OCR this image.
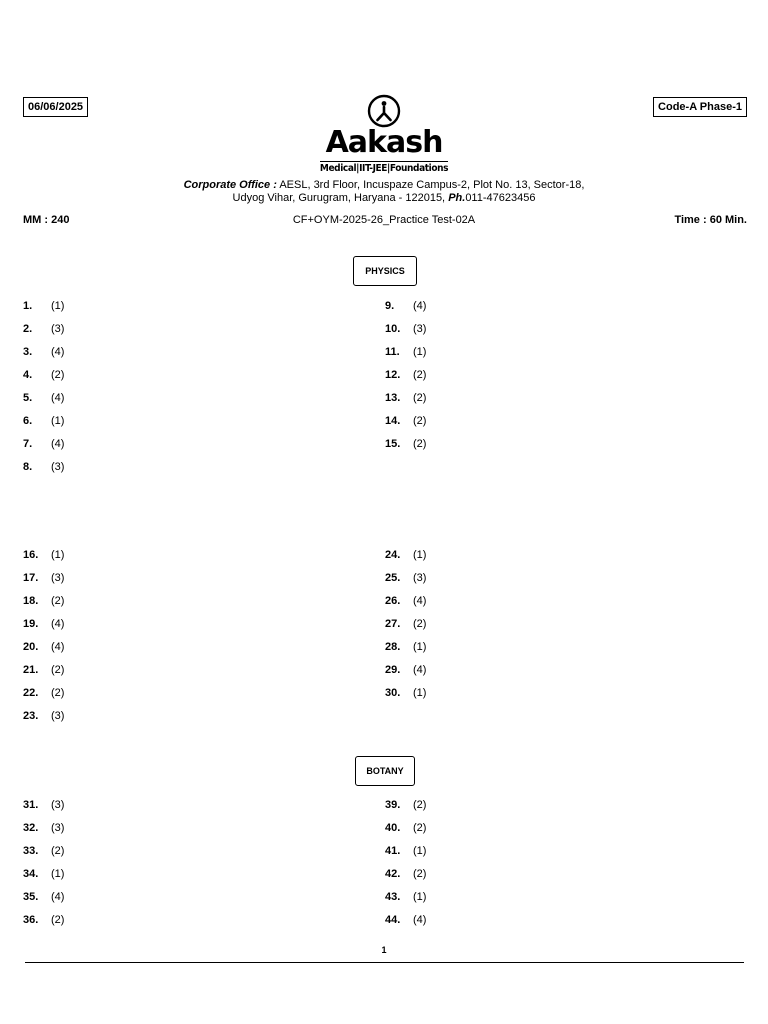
06/06/2025	Code-A Phase-1
Aakash
Medical|IIT-JEE|Foundations
Corporate Office : AESL, 3rd Floor, Incuspaze Campus-2, Plot No. 13, Sector-18,
Udyog Vihar, Gurugram, Haryana - 122015, Ph.011-47623456
MM : 240	CF+OYM-2025-26_Practice Test-02A	Time : 60 Min.
PHYSICS
BOTANY
1. (1)
2. (3)
3. (4)
4. (2)
5. (4)
6. (1)
7. (4)
8. (3)
9. (4)
10. (3)
11. (1)
12. (2)
13. (2)
14. (2)
15. (2)
16. (1)
17. (3)
18. (2)
19. (4)
20. (4)
21. (2)
22. (2)
23. (3)
24. (1)
25. (3)
26. (4)
27. (2)
28. (1)
29. (4)
30. (1)
31. (3)
32. (3)
33. (2)
34. (1)
35. (4)
36. (2)
39. (2)
40. (2)
41. (1)
42. (2)
43. (1)
44. (4)
1
